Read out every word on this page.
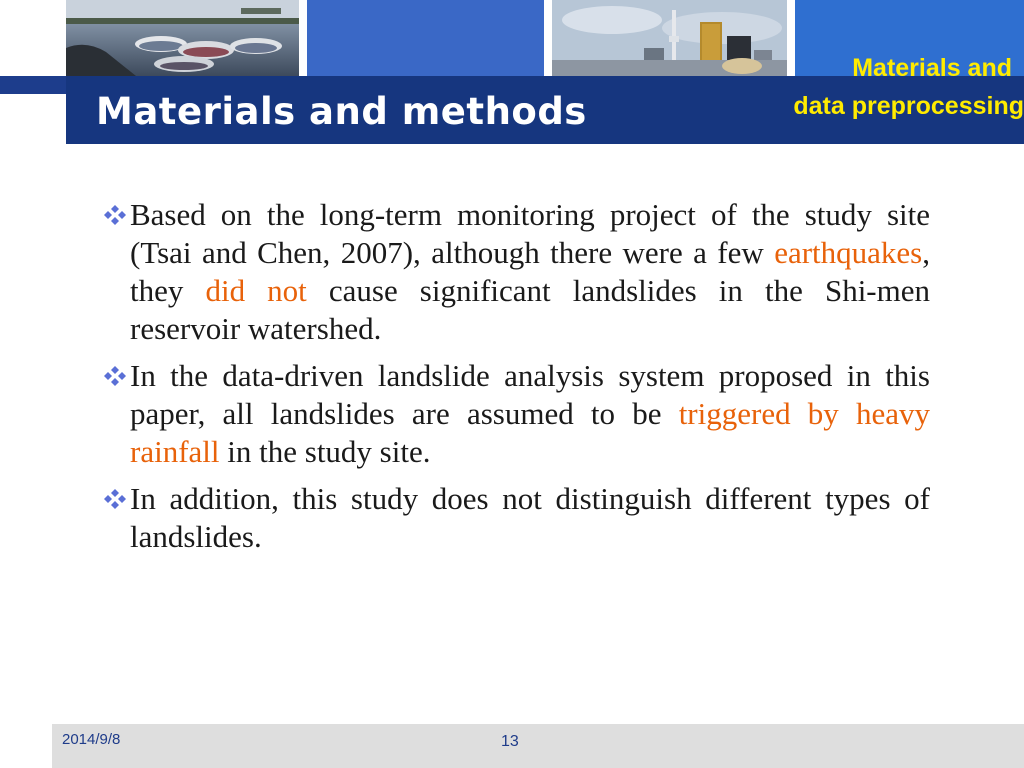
Materials and methods
Materials and
data preprocessing

Based on the long-term monitoring project of the study site (Tsai and Chen, 2007), although there were a few earthquakes, they did not cause significant landslides in the Shi-men reservoir watershed.

In the data-driven landslide analysis system proposed in this paper, all landslides are assumed to be triggered by heavy rainfall in the study site.

In addition, this study does not distinguish different types of landslides.

2014/9/8	13
